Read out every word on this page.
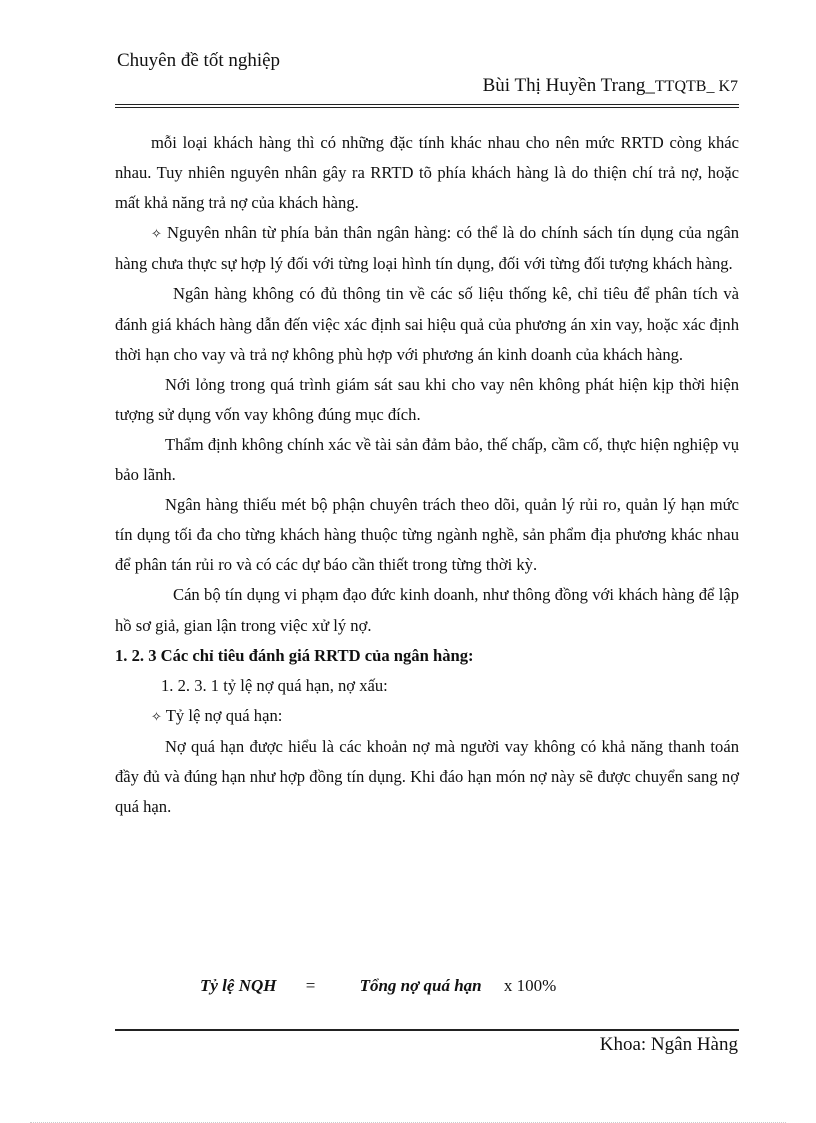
Chuyên đề tốt nghiệp
Bùi Thị Huyền Trang_TTQTB_ K7

mỗi loại khách hàng thì có những đặc tính khác nhau cho nên mức RRTD còng khác nhau. Tuy nhiên nguyên nhân gây ra RRTD tõ phía khách hàng là do thiện chí trả nợ, hoặc mất khả năng trả nợ của khách hàng.

✧ Nguyên nhân từ phía bản thân ngân hàng: có thể là do chính sách tín dụng của ngân hàng chưa thực sự hợp lý đối với từng loại hình tín dụng, đối với từng đối tượng khách hàng.

Ngân hàng không có đủ thông tin về các số liệu thống kê, chỉ tiêu để phân tích và đánh giá khách hàng dẫn đến việc xác định sai hiệu quả của phương án xin vay, hoặc xác định thời hạn cho vay và trả nợ không phù hợp với phương án kinh doanh của khách hàng.

Nới lỏng trong quá trình giám sát sau khi cho vay nên không phát hiện kịp thời hiện tượng sử dụng vốn vay không đúng mục đích.

Thẩm định không chính xác về tài sản đảm bảo, thế chấp, cầm cố, thực hiện nghiệp vụ bảo lãnh.

Ngân hàng thiếu mét bộ phận chuyên trách theo dõi, quản lý rủi ro, quản lý hạn mức tín dụng tối đa cho từng khách hàng thuộc từng ngành nghề, sản phẩm địa phương khác nhau để phân tán rủi ro và có các dự báo cần thiết trong từng thời kỳ.

Cán bộ tín dụng vi phạm đạo đức kinh doanh, như thông đồng với khách hàng để lập hồ sơ giả, gian lận trong việc xử lý nợ.

1. 2. 3 Các chỉ tiêu đánh giá RRTD của ngân hàng:

1. 2. 3. 1 tỷ lệ nợ quá hạn, nợ xấu:

✧ Tỷ lệ nợ quá hạn:

Nợ quá hạn được hiểu là các khoản nợ mà người vay không có khả năng thanh toán đầy đủ và đúng hạn như hợp đồng tín dụng. Khi đáo hạn món nợ này sẽ được chuyển sang nợ quá hạn.

Tỷ lệ NQH =	Tổng nợ quá hạn x 100%
Khoa: Ngân Hàng
